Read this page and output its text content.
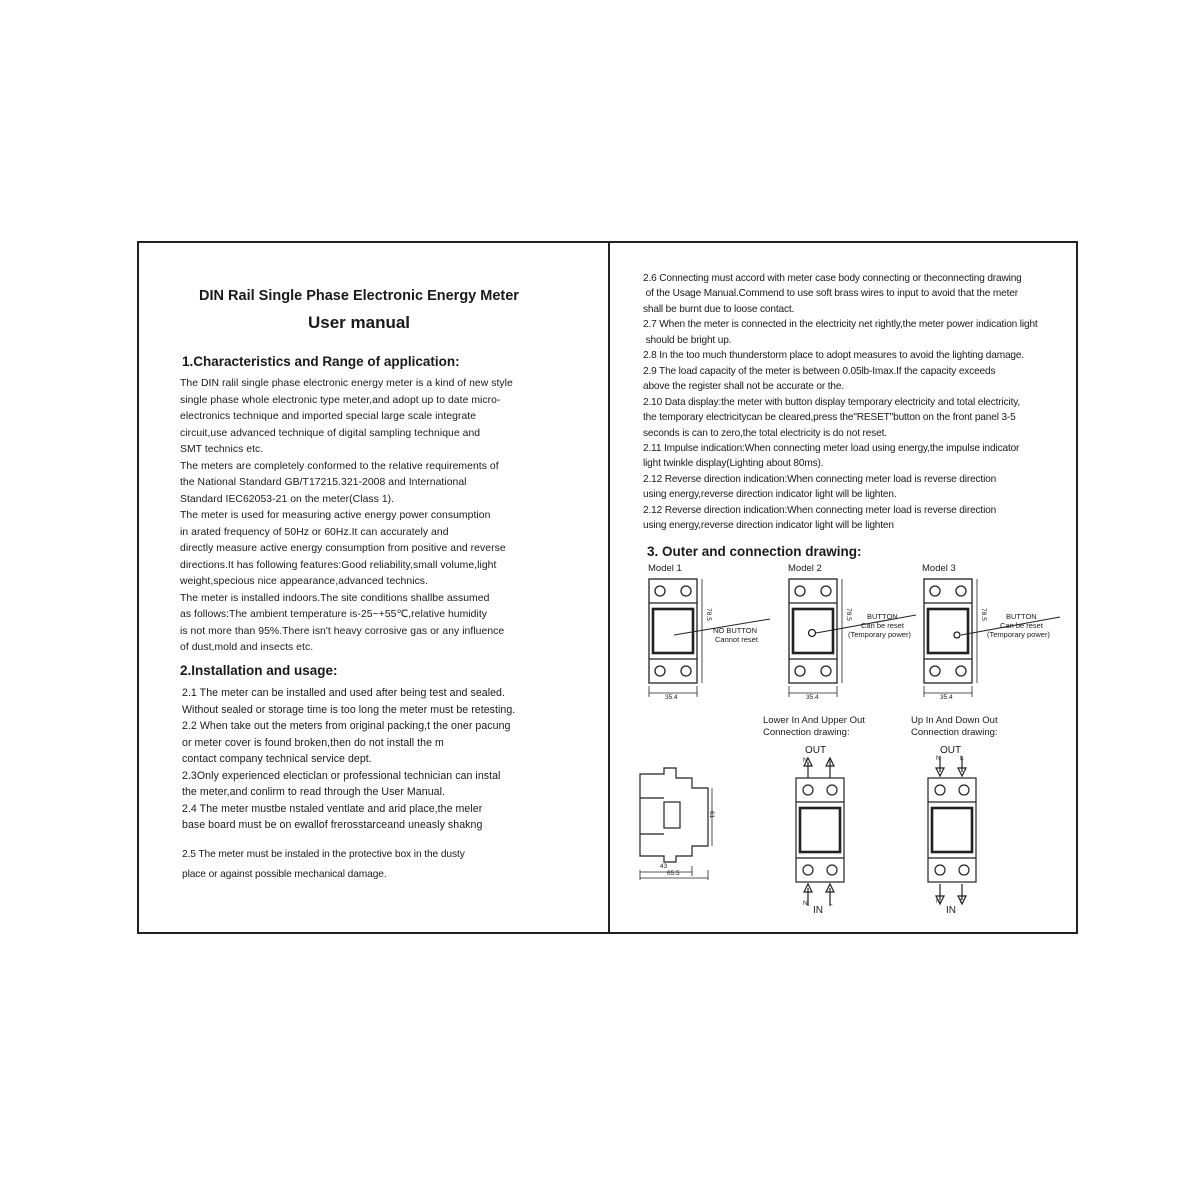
DIN Rail Single Phase Electronic Energy Meter
User manual
1.Characteristics and Range of application:
The DIN ralil single phase electronic energy meter is a kind of new style
single phase whole electronic type meter,and adopt up to date micro-
electronics technique and imported special large scale integrate
circuit,use advanced technique of digital sampling technique and
SMT technics etc.
The meters are completely conformed to the relative requirements of
the National Standard GB/T17215.321-2008 and International
Standard IEC62053-21 on the meter(Class 1).
The meter is used for measuring active energy power consumption
in arated frequency of 50Hz or 60Hz.It can accurately and
directly measure active energy consumption from positive and reverse
directions.It has following features:Good reliability,small volume,light
weight,specious nice appearance,advanced technics.
The meter is installed indoors.The site conditions shallbe assumed
as follows:The ambient temperature is-25~+55℃,relative humidity
is not more than 95%.There isn't heavy corrosive gas or any influence
of dust,mold and insects etc.
2.Installation and usage:
2.1 The meter can be installed and used after being test and sealed.
Without sealed or storage time is too long the meter must be retesting.
2.2 When take out the meters from original packing,t the oner pacung
or meter cover is found broken,then do not install the m
contact company technical service dept.
2.3Only experienced electiclan or professional technician can instal
the meter,and conlirm to read through the User Manual.
2.4 The meter mustbe nstaled ventlate and arid place,the meler
base board must be on ewallof frerosstarceand uneasly shakng
2.5 The meter must be instaled in the protective box in the dusty
place or against possible mechanical damage.
2.6 Connecting must accord with meter case body connecting or theconnecting drawing
of the Usage Manual.Commend to use soft brass wires to input to avoid that the meter
shall be burnt due to loose contact.
2.7 When the meter is connected in the electricity net rightly,the meter power indication light
should be bright up.
2.8 In the too much thunderstorm place to adopt measures to avoid the lighting damage.
2.9 The load capacity of the meter is between 0.05lb-Imax.If the capacity exceeds
above the register shall not be accurate or the.
2.10 Data display:the meter with button display temporary electricity and total electricity,
the temporary electricitycan be cleared,press the"RESET"button on the front panel 3-5
seconds is can to zero,the total electricity is do not reset.
2.11 Impulse indication:When connecting meter load using energy,the impulse indicator
light twinkle display(Lighting about 80ms).
2.12 Reverse direction indication:When connecting meter load is reverse direction
using energy,reverse direction indicator light will be lighten.
2.12 Reverse direction indication:When connecting meter load is reverse direction
using energy,reverse direction indicator light will be lighten
3. Outer and connection drawing:
Model 1	Model 2	Model 3
78.5
35.4
78.5
35.4
78.5
35.4
NO BUTTON
Cannot reset
BUTTON
Can be reset
(Temporary power)
BUTTON
Can be reset
(Temporary power)
Lower In And Upper Out
Connection drawing:
Up In And Down Out
Connection drawing:
61
43
65.5
OUT
N	L
N	L
IN
OUT
N	L
N	L
IN
